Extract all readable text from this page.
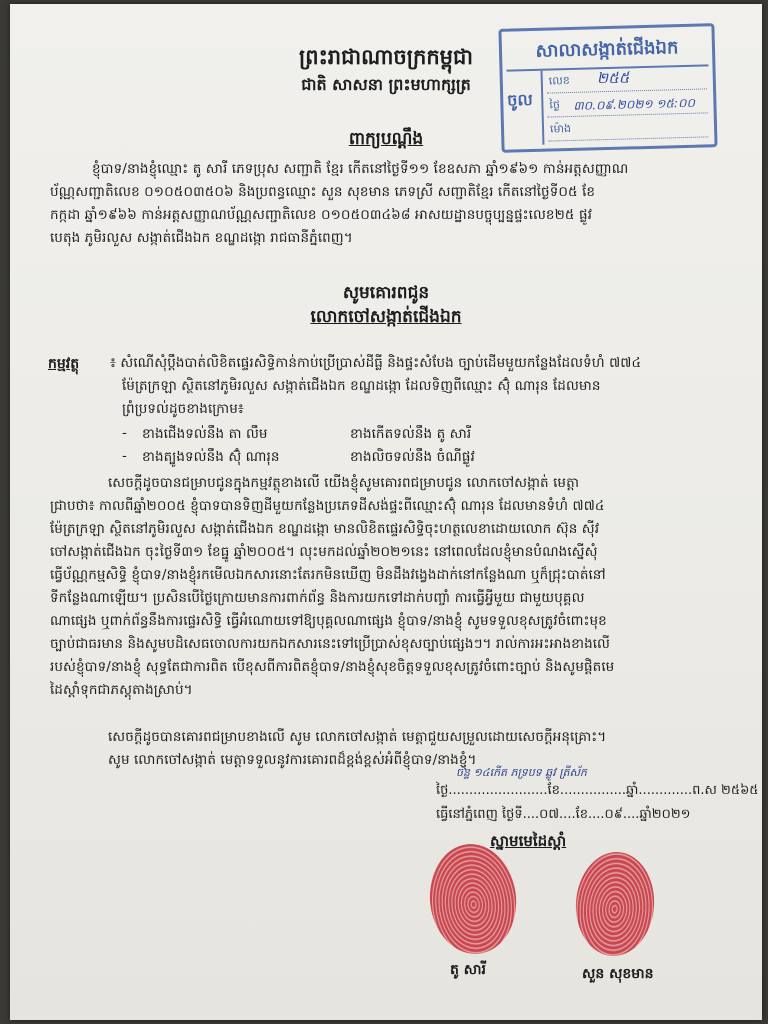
ព្រះរាជាណាចក្រកម្ពុជា
ជាតិ សាសនា ព្រះមហាក្សត្រ
ពាក្យបណ្ដឹង
សាលាសង្កាត់ជើងឯក
ចូល
លេខ ២៥៥
ថ្ងៃ ៣០.០៩.២០២១ ១៥:០០
ម៉ោង
ខ្ញុំបាទ/នាងខ្ញុំឈ្មោះ តូ សារី ភេទប្រុស សញ្ជាតិ ខ្មែរ កើតនៅថ្ងៃទី១១ ខែឧសភា ឆ្នាំ១៩៦១ កាន់អត្តសញ្ញាណ
ប័ណ្ណសញ្ជាតិលេខ ០១០៥០៣៥០៦ និងប្រពន្ធឈ្មោះ សួន សុខមាន ភេទស្រី សញ្ជាតិខ្មែរ កើតនៅថ្ងៃទី០៥ ខែ
កក្កដា ឆ្នាំ១៩៦៦ កាន់អត្តសញ្ញាណប័ណ្ណសញ្ជាតិលេខ ០១០៥០៣៤៦៨ អាសយដ្ឋានបច្ចុប្បន្នផ្ទះលេខ២៥ ផ្លូវ
បេតុង ភូមិរលួស សង្កាត់ជើងឯក ខណ្ឌដង្កោ រាជធានីភ្នំពេញ។
សូមគោរពជូន
លោកចៅសង្កាត់ជើងឯក
កម្មវត្ថុ ៖ សំណើសុំប្ដឹងបាត់លិខិតផ្ទេរសិទ្ធិកាន់កាប់ប្រើប្រាស់ដីធ្លី និងផ្ទះសំបែង ច្បាប់ដើមមួយកន្លែងដែលទំហំ ៧៧៤
ម៉ែត្រក្រឡា ស្ថិតនៅភូមិរលួស សង្កាត់ជើងឯក ខណ្ឌដង្កោ ដែលទិញពីឈ្មោះ ស៊ុំ ណារុន ដែលមាន
ព្រំប្រទល់ដូចខាងក្រោម៖
- ខាងជើងទល់នឹង តា លឹម	ខាងកើតទល់នឹង តូ សារី
- ខាងត្បូងទល់នឹង ស៊ុំ ណារុន	ខាងលិចទល់នឹង ចំណីផ្លូវ
សេចក្ដីដូចបានជម្រាបជូនក្នុងកម្មវត្ថុខាងលើ យើងខ្ញុំសូមគោរពជម្រាបជូន លោកចៅសង្កាត់ មេត្តា
ជ្រាបថា៖ កាលពីឆ្នាំ២០០៥ ខ្ញុំបាទបានទិញដីមួយកន្លែងប្រភេទដីសង់ផ្ទះពីឈ្មោះស៊ុំ ណារុន ដែលមានទំហំ ៧៧៤
ម៉ែត្រក្រឡា ស្ថិតនៅភូមិរលួស សង្កាត់ជើងឯក ខណ្ឌដង្កោ មានលិខិតផ្ទេរសិទ្ធិចុះហត្ថលេខាដោយលោក ស៊ុន ស៊ីវ
ចៅសង្កាត់ជើងឯក ចុះថ្ងៃទី៣១ ខែធ្នូ ឆ្នាំ២០០៥។ លុះមកដល់ឆ្នាំ២០២១នេះ នៅពេលដែលខ្ញុំមានបំណងស្នើសុំ
ធ្វើប័ណ្ណកម្មសិទ្ធិ ខ្ញុំបាទ/នាងខ្ញុំរកមើលឯកសារនោះតែរកមិនឃើញ មិនដឹងវង្វេងដាក់នៅកន្លែងណា ឬក៏ជ្រុះបាត់នៅ
ទីកន្លែងណាឡើយ។ ប្រសិនបើថ្ងៃក្រោយមានការពាក់ព័ន្ធ និងការយកទៅដាក់បញ្ចាំ ការធ្វើអ្វីមួយ ជាមួយបុគ្គល
ណាផ្សេង ឬពាក់ព័ន្ធនឹងការផ្ទេរសិទ្ធិ ធ្វើអំណោយទៅឱ្យបុគ្គលណាផ្សេង ខ្ញុំបាទ/នាងខ្ញុំ សូមទទួលខុសត្រូវចំពោះមុខ
ច្បាប់ជាធរមាន និងសូមបដិសេធចោលការយកឯកសារនេះទៅប្រើប្រាស់ខុសច្បាប់ផ្សេងៗ។ រាល់ការអះអាងខាងលើ
របស់ខ្ញុំបាទ/នាងខ្ញុំ សុទ្ធតែជាការពិត បើខុសពីការពិតខ្ញុំបាទ/នាងខ្ញុំសុខចិត្តទទួលខុសត្រូវចំពោះច្បាប់ និងសូមផ្តិតមេ
ដៃស្ដាំទុកជាភស្ដុតាងស្រាប់។
សេចក្ដីដូចបានគោរពជម្រាបខាងលើ សូម លោកចៅសង្កាត់ មេត្តាជួយសម្រួលដោយសេចក្ដីអនុគ្រោះ។
សូម លោកចៅសង្កាត់ មេត្តាទទួលនូវការគោរពដ៏ខ្ពង់ខ្ពស់អំពីខ្ញុំបាទ/នាងខ្ញុំ។
ច័ន្ទ ១៤កើត ភទ្របទ ឆ្លូវ ត្រីស័ក
ថ្ងៃ........................ខែ................ឆ្នាំ.............ព.ស ២៥៦៥
ធ្វើនៅភ្នំពេញ ថ្ងៃទី....០៧....ខែ....០៩....ឆ្នាំ២០២១
ស្នាមមេដៃស្ដាំ
តូ សារី	សួន សុខមាន
